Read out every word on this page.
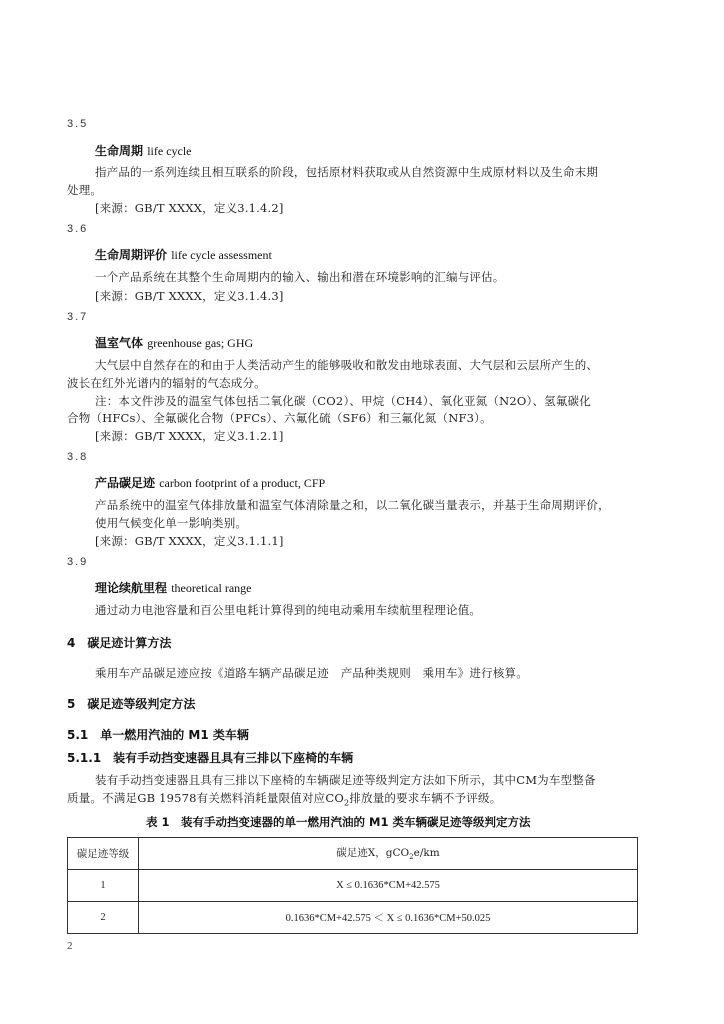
3.5
生命周期 life cycle
指产品的一系列连续且相互联系的阶段，包括原材料获取或从自然资源中生成原材料以及生命末期
处理。
[来源：GB/T XXXX，定义3.1.4.2]
3.6
生命周期评价 life cycle assessment
一个产品系统在其整个生命周期内的输入、输出和潜在环境影响的汇编与评估。
[来源：GB/T XXXX，定义3.1.4.3]
3.7
温室气体 greenhouse gas; GHG
大气层中自然存在的和由于人类活动产生的能够吸收和散发由地球表面、大气层和云层所产生的、
波长在红外光谱内的辐射的气态成分。
注：本文件涉及的温室气体包括二氧化碳（CO2）、甲烷（CH4）、氧化亚氮（N2O）、氢氟碳化
合物（HFCs）、全氟碳化合物（PFCs）、六氟化硫（SF6）和三氟化氮（NF3）。
[来源：GB/T XXXX，定义3.1.2.1]
3.8
产品碳足迹 carbon footprint of a product, CFP
产品系统中的温室气体排放量和温室气体清除量之和，以二氧化碳当量表示，并基于生命周期评价，
使用气候变化单一影响类别。
[来源：GB/T XXXX，定义3.1.1.1]
3.9
理论续航里程 theoretical range
通过动力电池容量和百公里电耗计算得到的纯电动乘用车续航里程理论值。
4　碳足迹计算方法
乘用车产品碳足迹应按《道路车辆产品碳足迹　产品种类规则　乘用车》进行核算。
5　碳足迹等级判定方法
5.1　单一燃用汽油的 M1 类车辆
5.1.1　装有手动挡变速器且具有三排以下座椅的车辆
装有手动挡变速器且具有三排以下座椅的车辆碳足迹等级判定方法如下所示，其中CM为车型整备
质量。不满足GB 19578有关燃料消耗量限值对应$CO_2$排放量的要求车辆不予评级。
表 1　装有手动挡变速器的单一燃用汽油的 M1 类车辆碳足迹等级判定方法
碳足迹等级	碳足迹X，gCO$_2$e/km
1	X ≤ 0.1636*CM+42.575
2	0.1636*CM+42.575 ＜ X ≤ 0.1636*CM+50.025
2
